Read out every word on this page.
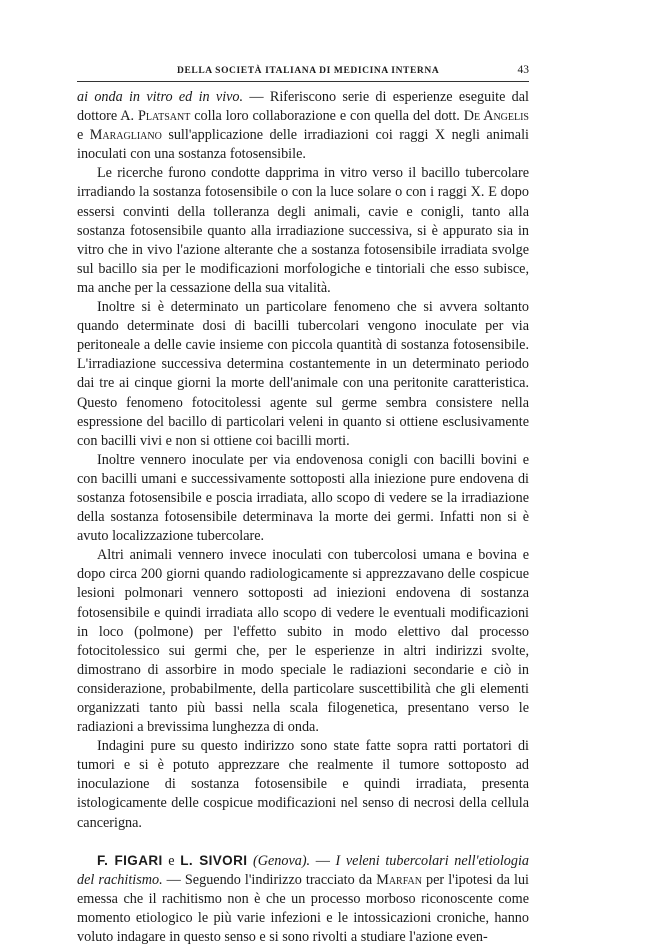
DELLA SOCIETÀ ITALIANA DI MEDICINA INTERNA	43

ai onda in vitro ed in vivo. — Riferiscono serie di esperienze eseguite dal dottore A. Platsant colla loro collaborazione e con quella del dott. De Angelis e Maragliano sull'applicazione delle irradiazioni coi raggi X negli animali inoculati con una sostanza fotosensibile.

Le ricerche furono condotte dapprima in vitro verso il bacillo tubercolare irradiando la sostanza fotosensibile o con la luce solare o con i raggi X. E dopo essersi convinti della tolleranza degli animali, cavie e conigli, tanto alla sostanza fotosensibile quanto alla irradiazione successiva, si è appurato sia in vitro che in vivo l'azione alterante che a sostanza fotosensibile irradiata svolge sul bacillo sia per le modificazioni morfologiche e tintoriali che esso subisce, ma anche per la cessazione della sua vitalità.

Inoltre si è determinato un particolare fenomeno che si avvera soltanto quando determinate dosi di bacilli tubercolari vengono inoculate per via peritoneale a delle cavie insieme con piccola quantità di sostanza fotosensibile. L'irradiazione successiva determina costantemente in un determinato periodo dai tre ai cinque giorni la morte dell'animale con una peritonite caratteristica. Questo fenomeno fotocitolessi agente sul germe sembra consistere nella espressione del bacillo di particolari veleni in quanto si ottiene esclusivamente con bacilli vivi e non si ottiene coi bacilli morti.

Inoltre vennero inoculate per via endovenosa conigli con bacilli bovini e con bacilli umani e successivamente sottoposti alla iniezione pure endovena di sostanza fotosensibile e poscia irradiata, allo scopo di vedere se la irradiazione della sostanza fotosensibile determinava la morte dei germi. Infatti non si è avuto localizzazione tubercolare.

Altri animali vennero invece inoculati con tubercolosi umana e bovina e dopo circa 200 giorni quando radiologicamente si apprezzavano delle cospicue lesioni polmonari vennero sottoposti ad iniezioni endovena di sostanza fotosensibile e quindi irradiata allo scopo di vedere le eventuali modificazioni in loco (polmone) per l'effetto subito in modo elettivo dal processo fotocitolessico sui germi che, per le esperienze in altri indirizzi svolte, dimostrano di assorbire in modo speciale le radiazioni secondarie e ciò in considerazione, probabilmente, della particolare suscettibilità che gli elementi organizzati tanto più bassi nella scala filogenetica, presentano verso le radiazioni a brevissima lunghezza di onda.

Indagini pure su questo indirizzo sono state fatte sopra ratti portatori di tumori e si è potuto apprezzare che realmente il tumore sottoposto ad inoculazione di sostanza fotosensibile e quindi irradiata, presenta istologicamente delle cospicue modificazioni nel senso di necrosi della cellula cancerigna.

F. FIGARI e L. SIVORI (Genova). — I veleni tubercolari nell'etiologia del rachitismo. — Seguendo l'indirizzo tracciato da Marfan per l'ipotesi da lui emessa che il rachitismo non è che un processo morboso riconoscente come momento etiologico le più varie infezioni e le intossicazioni croniche, hanno voluto indagare in questo senso e si sono rivolti a studiare l'azione even-
